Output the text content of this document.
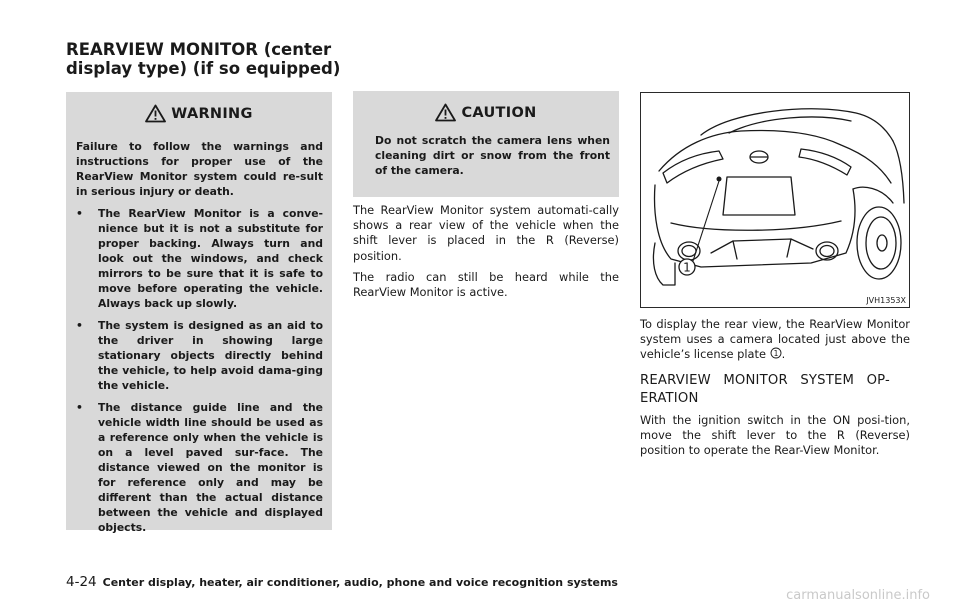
REARVIEW MONITOR (center
display type) (if so equipped)
WARNING
Failure to follow the warnings and instructions for proper use of the RearView Monitor system could re-sult in serious injury or death.
•	The RearView Monitor is a conve-nience but it is not a substitute for proper backing. Always turn and look out the windows, and check mirrors to be sure that it is safe to move before operating the vehicle. Always back up slowly.
•	The system is designed as an aid to the driver in showing large stationary objects directly behind the vehicle, to help avoid dama-ging the vehicle.
•	The distance guide line and the vehicle width line should be used as a reference only when the vehicle is on a level paved sur-face. The distance viewed on the monitor is for reference only and may be different than the actual distance between the vehicle and displayed objects.
CAUTION
Do not scratch the camera lens when cleaning dirt or snow from the front of the camera.
The RearView Monitor system automati-cally shows a rear view of the vehicle when the shift lever is placed in the R (Reverse) position.
The radio can still be heard while the RearView Monitor is active.
1
JVH1353X
To display the rear view, the RearView Monitor system uses a camera located just above the vehicle’s license plate 1 .
REARVIEW MONITOR SYSTEM OP-ERATION
With the ignition switch in the ON posi-tion, move the shift lever to the R (Reverse) position to operate the Rear-View Monitor.
4-24 Center display, heater, air conditioner, audio, phone and voice recognition systems
carmanualsonline.info
